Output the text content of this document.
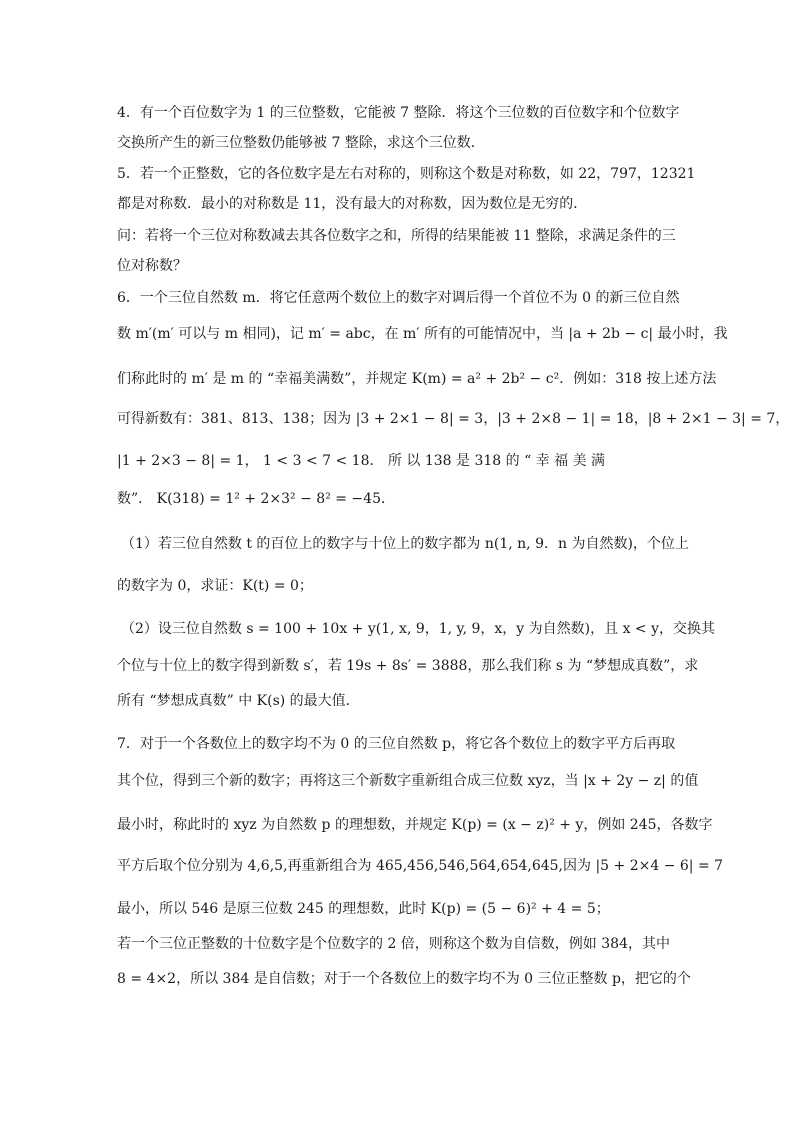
4．有一个百位数字为 1 的三位整数，它能被 7 整除．将这个三位数的百位数字和个位数字
交换所产生的新三位整数仍能够被 7 整除，求这个三位数．
5．若一个正整数，它的各位数字是左右对称的，则称这个数是对称数，如 22，797，12321
都是对称数．最小的对称数是 11，没有最大的对称数，因为数位是无穷的．
问：若将一个三位对称数减去其各位数字之和，所得的结果能被 11 整除，求满足条件的三
位对称数？
6．一个三位自然数 m．将它任意两个数位上的数字对调后得一个首位不为 0 的新三位自然
数 m′(m′ 可以与 m 相同)，记 m′ = abc，在 m′ 所有的可能情况中，当 |a + 2b − c| 最小时，我
们称此时的 m′ 是 m 的 “幸福美满数”，并规定 K(m) = a² + 2b² − c²．例如：318 按上述方法
可得新数有：381、813、138；因为 |3 + 2×1 − 8| = 3，|3 + 2×8 − 1| = 18，|8 + 2×1 − 3| = 7，
|1 + 2×3 − 8| = 1， 1 < 3 < 7 < 18． 所 以 138 是 318 的 “ 幸 福 美 满
数”． K(318) = 1² + 2×3² − 8² = −45．
（1）若三位自然数 t 的百位上的数字与十位上的数字都为 n(1, n, 9．n 为自然数)，个位上
的数字为 0，求证：K(t) = 0；
（2）设三位自然数 s = 100 + 10x + y(1, x, 9，1, y, 9，x，y 为自然数)，且 x < y，交换其
个位与十位上的数字得到新数 s′，若 19s + 8s′ = 3888，那么我们称 s 为 “梦想成真数”，求
所有 “梦想成真数” 中 K(s) 的最大值．
7．对于一个各数位上的数字均不为 0 的三位自然数 p，将它各个数位上的数字平方后再取
其个位，得到三个新的数字；再将这三个新数字重新组合成三位数 xyz，当 |x + 2y − z| 的值
最小时，称此时的 xyz 为自然数 p 的理想数，并规定 K(p) = (x − z)² + y，例如 245，各数字
平方后取个位分别为 4,6,5,再重新组合为 465,456,546,564,654,645,因为 |5 + 2×4 − 6| = 7
最小，所以 546 是原三位数 245 的理想数，此时 K(p) = (5 − 6)² + 4 = 5；
若一个三位正整数的十位数字是个位数字的 2 倍，则称这个数为自信数，例如 384，其中
8 = 4×2，所以 384 是自信数；对于一个各数位上的数字均不为 0 三位正整数 p，把它的个
